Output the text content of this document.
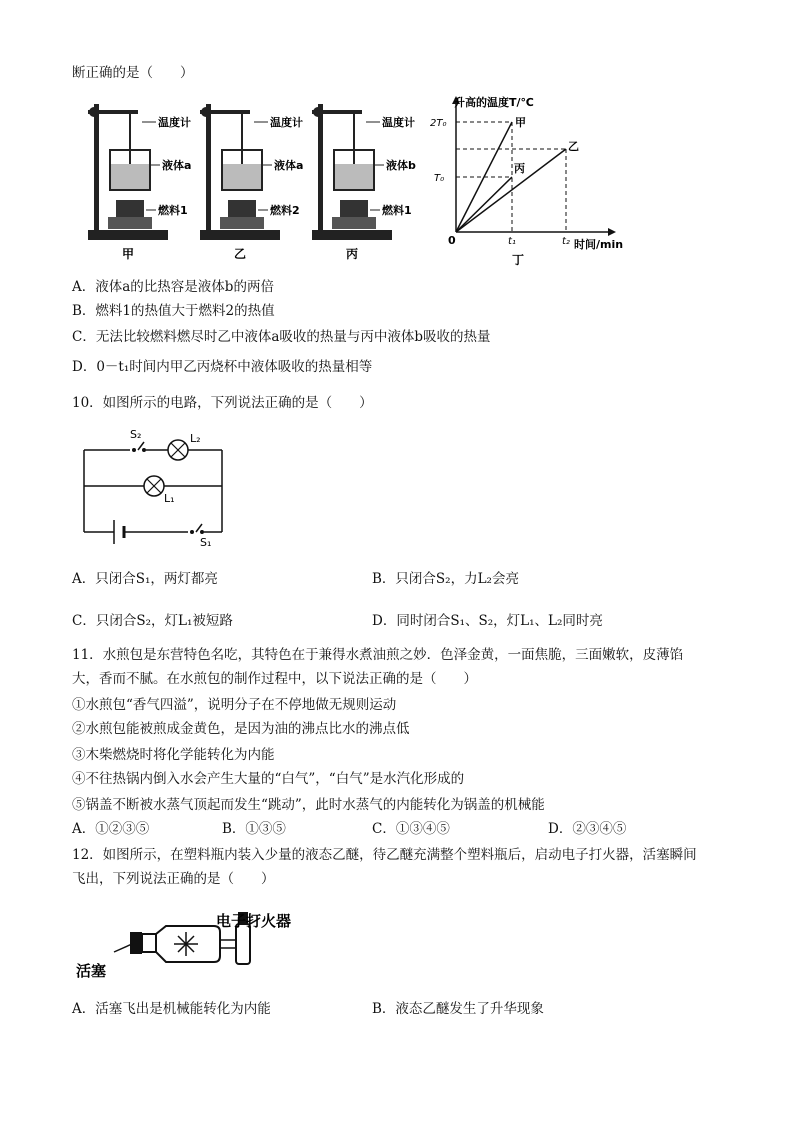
断正确的是（　　）
温度计
液体a
燃料1
甲
温度计
液体a
燃料2
乙
温度计
液体b
燃料1
丙
升高的温度T/℃
时间/min
0
2T₀
T₀
t₁	t₂
甲
乙
丙
丁
A．液体a的比热容是液体b的两倍
B．燃料1的热值大于燃料2的热值
C．无法比较燃料燃尽时乙中液体a吸收的热量与丙中液体b吸收的热量
D．0－t₁时间内甲乙丙烧杯中液体吸收的热量相等
10．如图所示的电路，下列说法正确的是（　　）
S₂	L₂
L₁
S₁
A．只闭合S₁，两灯都亮	B．只闭合S₂，力L₂会亮
C．只闭合S₂，灯L₁被短路	D．同时闭合S₁、S₂，灯L₁、L₂同时亮
11．水煎包是东营特色名吃，其特色在于兼得水煮油煎之妙．色泽金黄，一面焦脆，三面嫩软，皮薄馅
大，香而不腻。在水煎包的制作过程中，以下说法正确的是（　　）
①水煎包“香气四溢”，说明分子在不停地做无规则运动
②水煎包能被煎成金黄色，是因为油的沸点比水的沸点低
③木柴燃烧时将化学能转化为内能
④不往热锅内倒入水会产生大量的“白气”，“白气”是水汽化形成的
⑤锅盖不断被水蒸气顶起而发生“跳动”，此时水蒸气的内能转化为锅盖的机械能
A．①②③⑤	B．①③⑤	C．①③④⑤	D．②③④⑤
12．如图所示，在塑料瓶内装入少量的液态乙醚，待乙醚充满整个塑料瓶后，启动电子打火器，活塞瞬间
飞出，下列说法正确的是（　　）
电子打火器
活塞
A．活塞飞出是机械能转化为内能	B．液态乙醚发生了升华现象
